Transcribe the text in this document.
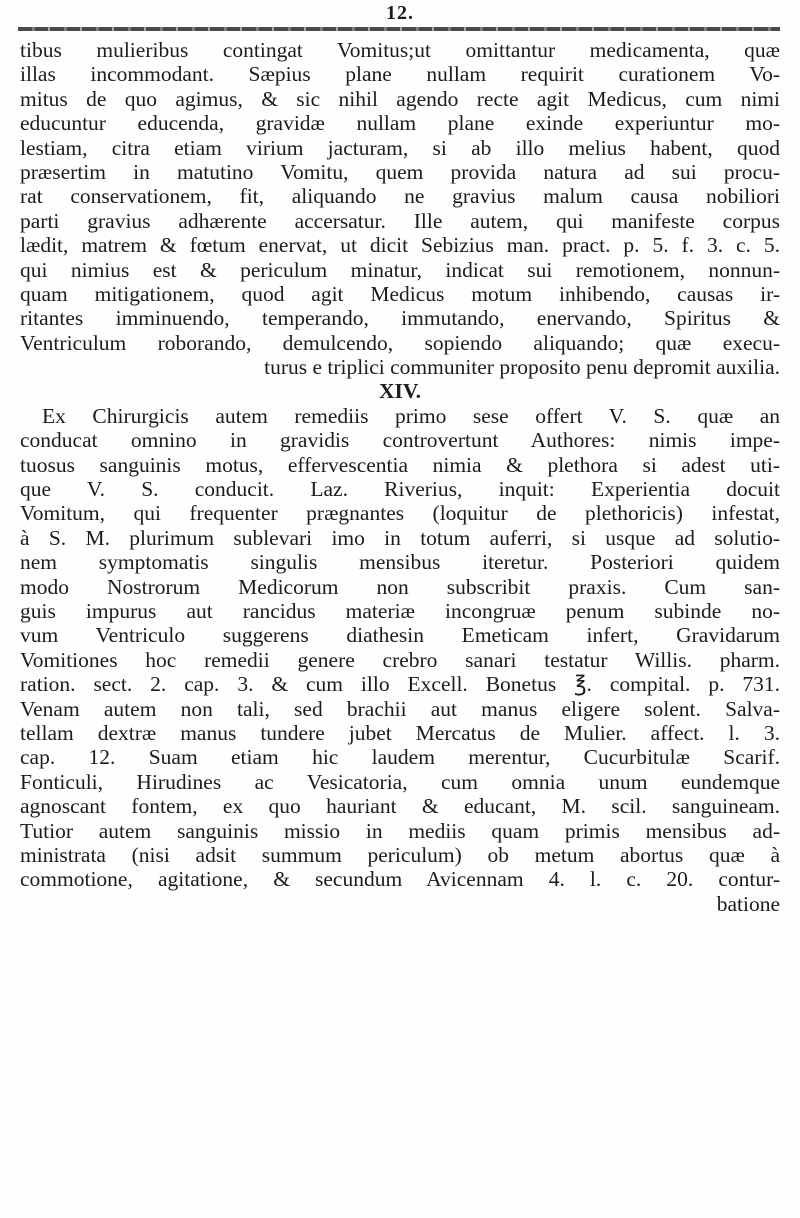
12.
tibus mulieribus contingat Vomitus;ut omittantur medicamenta, quæ
illas incommodant. Sæpius plane nullam requirit curationem Vo-
mitus de quo agimus, & sic nihil agendo recte agit Medicus, cum nimi
educuntur educenda, gravidæ nullam plane exinde experiuntur mo-
lestiam, citra etiam virium jacturam, si ab illo melius habent, quod
præsertim in matutino Vomitu, quem provida natura ad sui procu-
rat conservationem, fit, aliquando ne gravius malum causa nobiliori
parti gravius adhærente accersatur. Ille autem, qui manifeste corpus
lædit, matrem & fœtum enervat, ut dicit Sebizius man. pract. p. 5. f. 3. c. 5.
qui nimius est & periculum minatur, indicat sui remotionem, nonnun-
quam mitigationem, quod agit Medicus motum inhibendo, causas ir-
ritantes imminuendo, temperando, immutando, enervando, Spiritus &
Ventriculum roborando, demulcendo, sopiendo aliquando; quæ execu-
turus e triplici communiter proposito penu depromit auxilia.
XIV.
Ex Chirurgicis autem remediis primo sese offert V. S. quæ an
conducat omnino in gravidis controvertunt Authores: nimis impe-
tuosus sanguinis motus, effervescentia nimia & plethora si adest uti-
que V. S. conducit. Laz. Riverius, inquit: Experientia docuit
Vomitum, qui frequenter prægnantes (loquitur de plethoricis) infestat,
à S. M. plurimum sublevari imo in totum auferri, si usque ad solutio-
nem symptomatis singulis mensibus iteretur. Posteriori quidem
modo Nostrorum Medicorum non subscribit praxis. Cum san-
guis impurus aut rancidus materiæ incongruæ penum subinde no-
vum Ventriculo suggerens diathesin Emeticam infert, Gravidarum
Vomitiones hoc remedii genere crebro sanari testatur Willis. pharm.
ration. sect. 2. cap. 3. & cum illo Excell. Bonetus ℥. compital. p. 731.
Venam autem non tali, sed brachii aut manus eligere solent. Salva-
tellam dextræ manus tundere jubet Mercatus de Mulier. affect. l. 3.
cap. 12. Suam etiam hic laudem merentur, Cucurbitulæ Scarif.
Fonticuli, Hirudines ac Vesicatoria, cum omnia unum eundemque
agnoscant fontem, ex quo hauriant & educant, M. scil. sanguineam.
Tutior autem sanguinis missio in mediis quam primis mensibus ad-
ministrata (nisi adsit summum periculum) ob metum abortus quæ à
commotione, agitatione, & secundum Avicennam 4. l. c. 20. contur-
batione
